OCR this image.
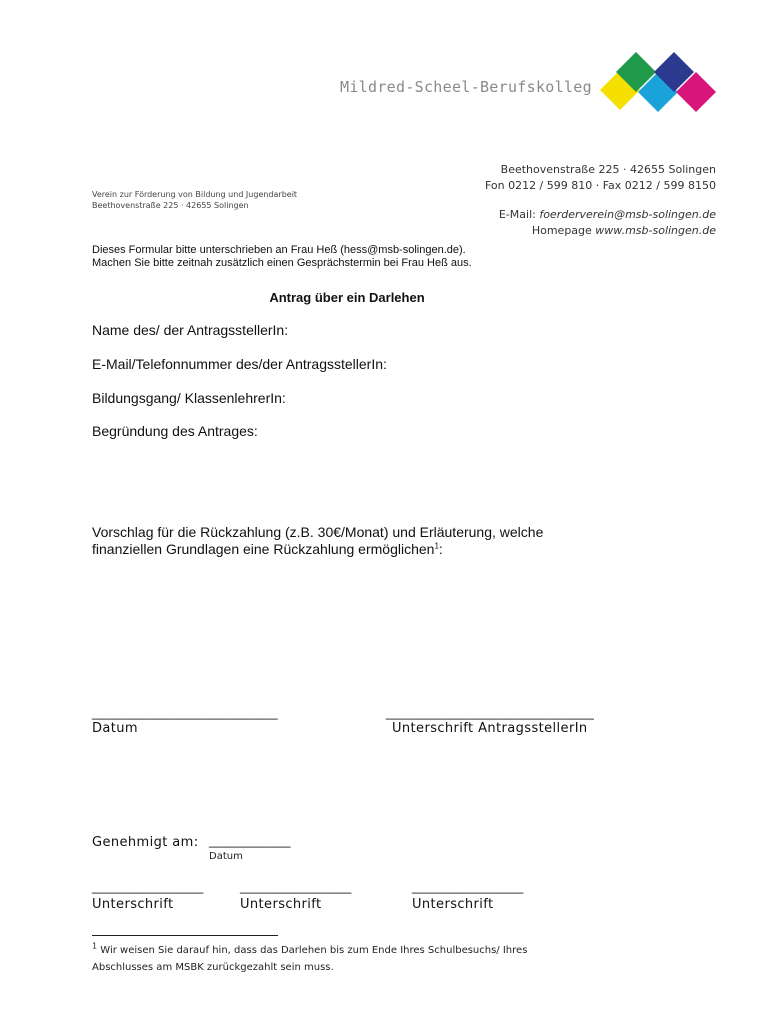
Mildred-Scheel-Berufskolleg
Beethovenstraße 225 · 42655 Solingen
Fon 0212 / 599 810 · Fax 0212 / 599 8150
E-Mail: foerderverein@msb-solingen.de
Homepage www.msb-solingen.de
Verein zur Förderung von Bildung und Jugendarbeit
Beethovenstraße 225 · 42655 Solingen
Dieses Formular bitte unterschrieben an Frau Heß (hess@msb-solingen.de).
Machen Sie bitte zeitnah zusätzlich einen Gesprächstermin bei Frau Heß aus.
Antrag über ein Darlehen
Name des/ der AntragsstellerIn:
E-Mail/Telefonnummer des/der AntragsstellerIn:
Bildungsgang/ KlassenlehrerIn:
Begründung des Antrages:
Vorschlag für die Rückzahlung (z.B. 30€/Monat) und Erläuterung, welche
finanziellen Grundlagen eine Rückzahlung ermöglichen$^1$:
_________________________	____________________________
Datum	Unterschrift AntragsstellerIn
Genehmigt am: ___________
Datum
_______________	_______________	_______________
Unterschrift	Unterschrift	Unterschrift
$^1$ Wir weisen Sie darauf hin, dass das Darlehen bis zum Ende Ihres Schulbesuchs/ Ihres
Abschlusses am MSBK zurückgezahlt sein muss.
